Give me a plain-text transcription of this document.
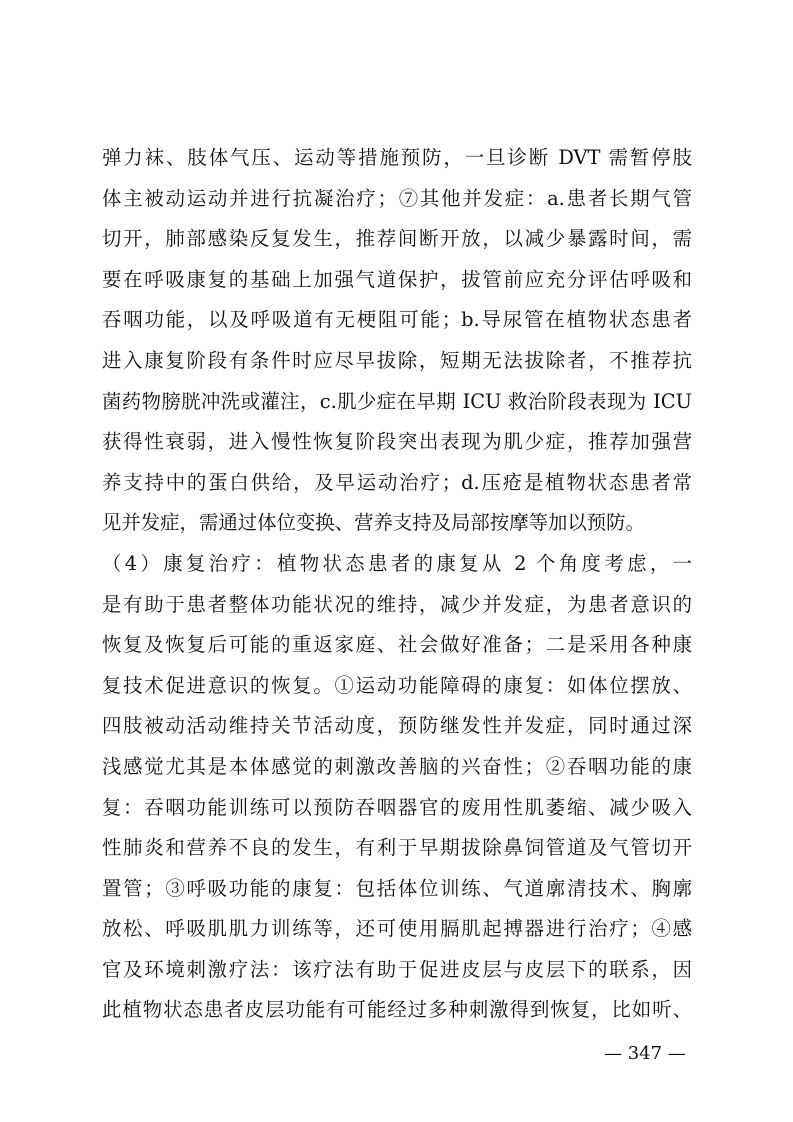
弹力袜、肢体气压、运动等措施预防，一旦诊断 DVT 需暂停肢
体主被动运动并进行抗凝治疗；⑦其他并发症：a.患者长期气管
切开，肺部感染反复发生，推荐间断开放，以减少暴露时间，需
要在呼吸康复的基础上加强气道保护，拔管前应充分评估呼吸和
吞咽功能，以及呼吸道有无梗阻可能；b.导尿管在植物状态患者
进入康复阶段有条件时应尽早拔除，短期无法拔除者，不推荐抗
菌药物膀胱冲洗或灌注，c.肌少症在早期 ICU 救治阶段表现为 ICU
获得性衰弱，进入慢性恢复阶段突出表现为肌少症，推荐加强营
养支持中的蛋白供给，及早运动治疗；d.压疮是植物状态患者常
见并发症，需通过体位变换、营养支持及局部按摩等加以预防。
（4）康复治疗：植物状态患者的康复从 2 个角度考虑，一
是有助于患者整体功能状况的维持，减少并发症，为患者意识的
恢复及恢复后可能的重返家庭、社会做好准备；二是采用各种康
复技术促进意识的恢复。①运动功能障碍的康复：如体位摆放、
四肢被动活动维持关节活动度，预防继发性并发症，同时通过深
浅感觉尤其是本体感觉的刺激改善脑的兴奋性；②吞咽功能的康
复：吞咽功能训练可以预防吞咽器官的废用性肌萎缩、减少吸入
性肺炎和营养不良的发生，有利于早期拔除鼻饲管道及气管切开
置管；③呼吸功能的康复：包括体位训练、气道廓清技术、胸廓
放松、呼吸肌肌力训练等，还可使用膈肌起搏器进行治疗；④感
官及环境刺激疗法：该疗法有助于促进皮层与皮层下的联系，因
此植物状态患者皮层功能有可能经过多种刺激得到恢复，比如听、
— 347 —
